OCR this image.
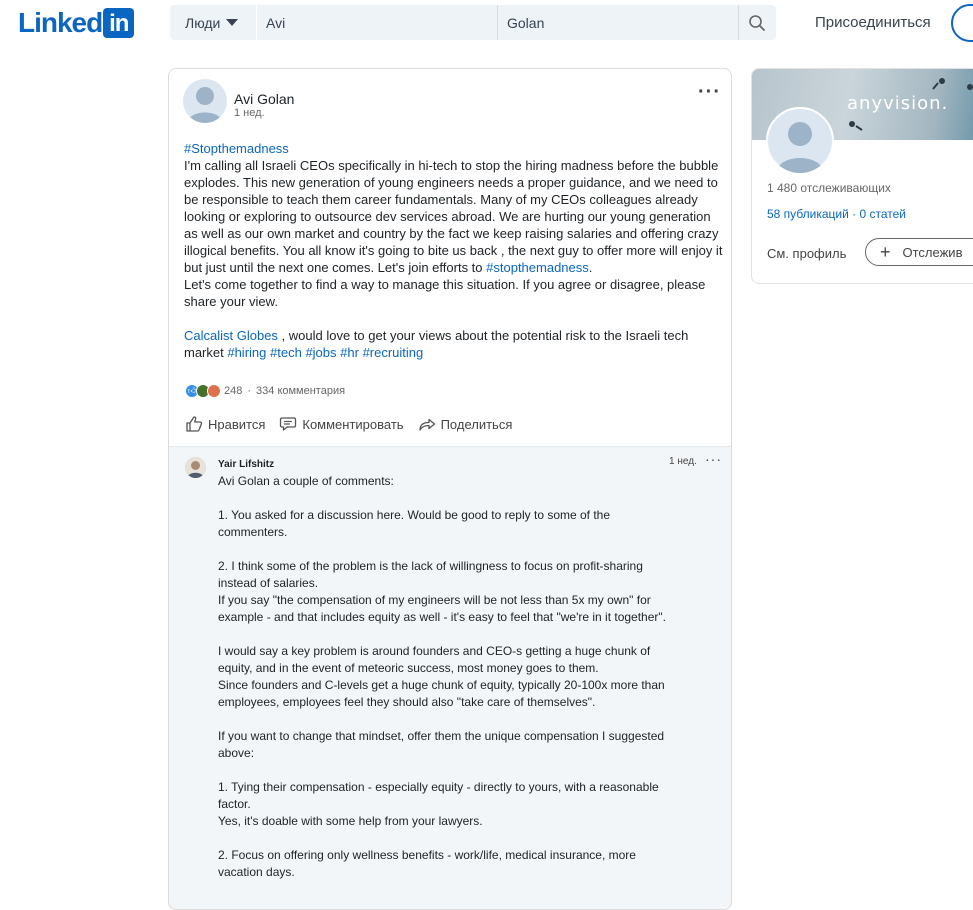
Linked in	Люди	Avi	Golan	Присоединиться
Avi Golan
1 нед.
···

#Stopthemadness

I'm calling all Israeli CEOs specifically in hi-tech to stop the hiring madness before the bubble explodes. This new generation of young engineers needs a proper guidance, and we need to be responsible to teach them career fundamentals. Many of my CEOs colleagues already looking or exploring to outsource dev services abroad. We are hurting our young generation as well as our own market and country by the fact we keep raising salaries and offering crazy illogical benefits. You all know it's going to bite us back , the next guy to offer more will enjoy it but just until the next one comes. Let's join efforts to #stopthemadness.

Let's come together to find a way to manage this situation. If you agree or disagree, please share your view.

Calcalist Globes , would love to get your views about the potential risk to the Israeli tech market #hiring #tech #jobs #hr #recruiting

👍︎	248 · 334 комментария
Нравится	Комментировать	Поделиться
Yair Lifshitz	1 нед. ···

Avi Golan a couple of comments:

1. You asked for a discussion here. Would be good to reply to some of the commenters.

2. I think some of the problem is the lack of willingness to focus on profit-sharing instead of salaries.

If you say "the compensation of my engineers will be not less than 5x my own" for example - and that includes equity as well - it's easy to feel that "we're in it together".

I would say a key problem is around founders and CEO-s getting a huge chunk of equity, and in the event of meteoric success, most money goes to them.

Since founders and C-levels get a huge chunk of equity, typically 20-100x more than employees, employees feel they should also "take care of themselves".

If you want to change that mindset, offer them the unique compensation I suggested above:

1. Tying their compensation - especially equity - directly to yours, with a reasonable factor.

Yes, it's doable with some help from your lawyers.

2. Focus on offering only wellness benefits - work/life, medical insurance, more vacation days.

anyvision.
1 480 отслеживающих
58 публикаций · 0 статей
См. профиль + Отслежив
